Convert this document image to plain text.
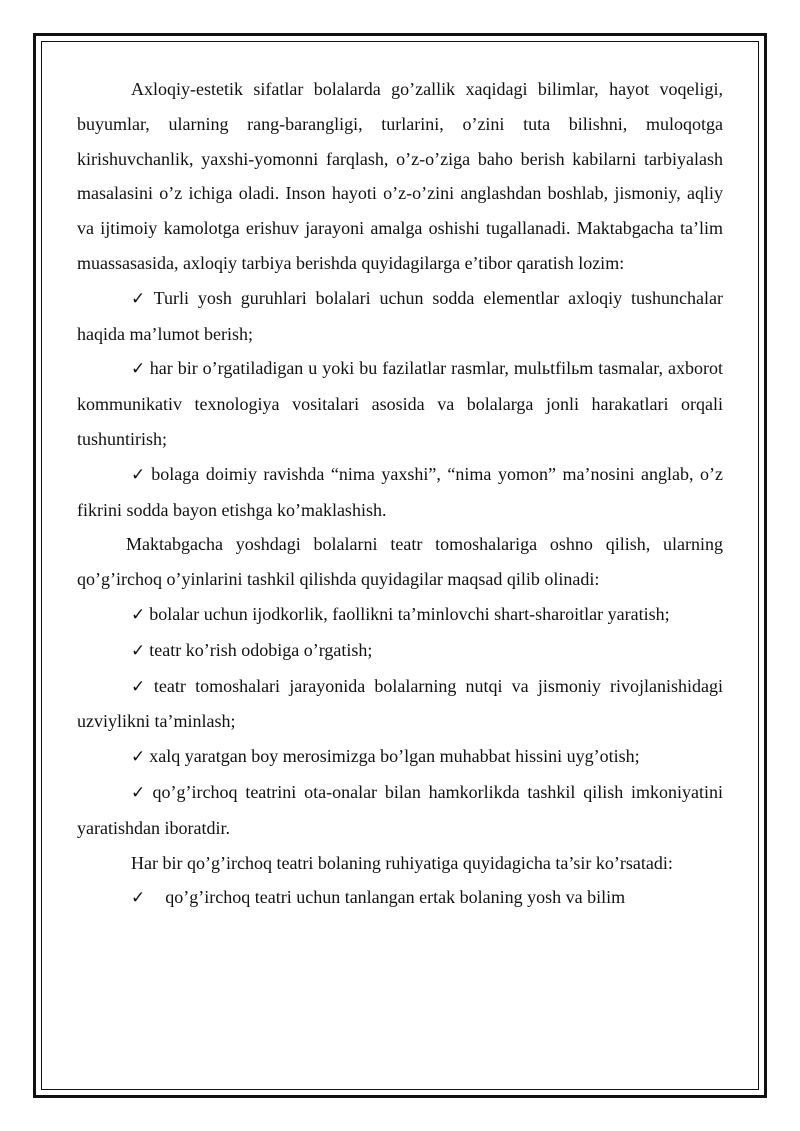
Axloqiy-estetik sifatlar bolalarda go’zallik xaqidagi bilimlar, hayot voqeligi, buyumlar, ularning rang-barangligi, turlarini, o’zini tuta bilishni, muloqotga kirishuvchanlik, yaxshi-yomonni farqlash, o’z-o’ziga baho berish kabilarni tarbiyalash masalasini o’z ichiga oladi. Inson hayoti o’z-o’zini anglashdan boshlab, jismoniy, aqliy va ijtimoiy kamolotga erishuv jarayoni amalga oshishi tugallanadi. Maktabgacha ta’lim muassasasida, axloqiy tarbiya berishda quyidagilarga e’tibor qaratish lozim:

✓ Turli yosh guruhlari bolalari uchun sodda elementlar axloqiy tushunchalar haqida ma’lumot berish;

✓ har bir o’rgatiladigan u yoki bu fazilatlar rasmlar, mulьtfilьm tasmalar, axborot kommunikativ texnologiya vositalari asosida va bolalarga jonli harakatlari orqali tushuntirish;

✓ bolaga doimiy ravishda “nima yaxshi”, “nima yomon” ma’nosini anglab, o’z fikrini sodda bayon etishga ko’maklashish.

Maktabgacha yoshdagi bolalarni teatr tomoshalariga oshno qilish, ularning qo’g’irchoq o’yinlarini tashkil qilishda quyidagilar maqsad qilib olinadi:

✓ bolalar uchun ijodkorlik, faollikni ta’minlovchi shart-sharoitlar yaratish;

✓ teatr ko’rish odobiga o’rgatish;

✓ teatr tomoshalari jarayonida bolalarning nutqi va jismoniy rivojlanishidagi uzviylikni ta’minlash;

✓ xalq yaratgan boy merosimizga bo’lgan muhabbat hissini uyg’otish;

✓ qo’g’irchoq teatrini ota-onalar bilan hamkorlikda tashkil qilish imkoniyatini yaratishdan iboratdir.

Har bir qo’g’irchoq teatri bolaning ruhiyatiga quyidagicha ta’sir ko’rsatadi:

✓ qo’g’irchoq teatri uchun tanlangan ertak bolaning yosh va bilim
